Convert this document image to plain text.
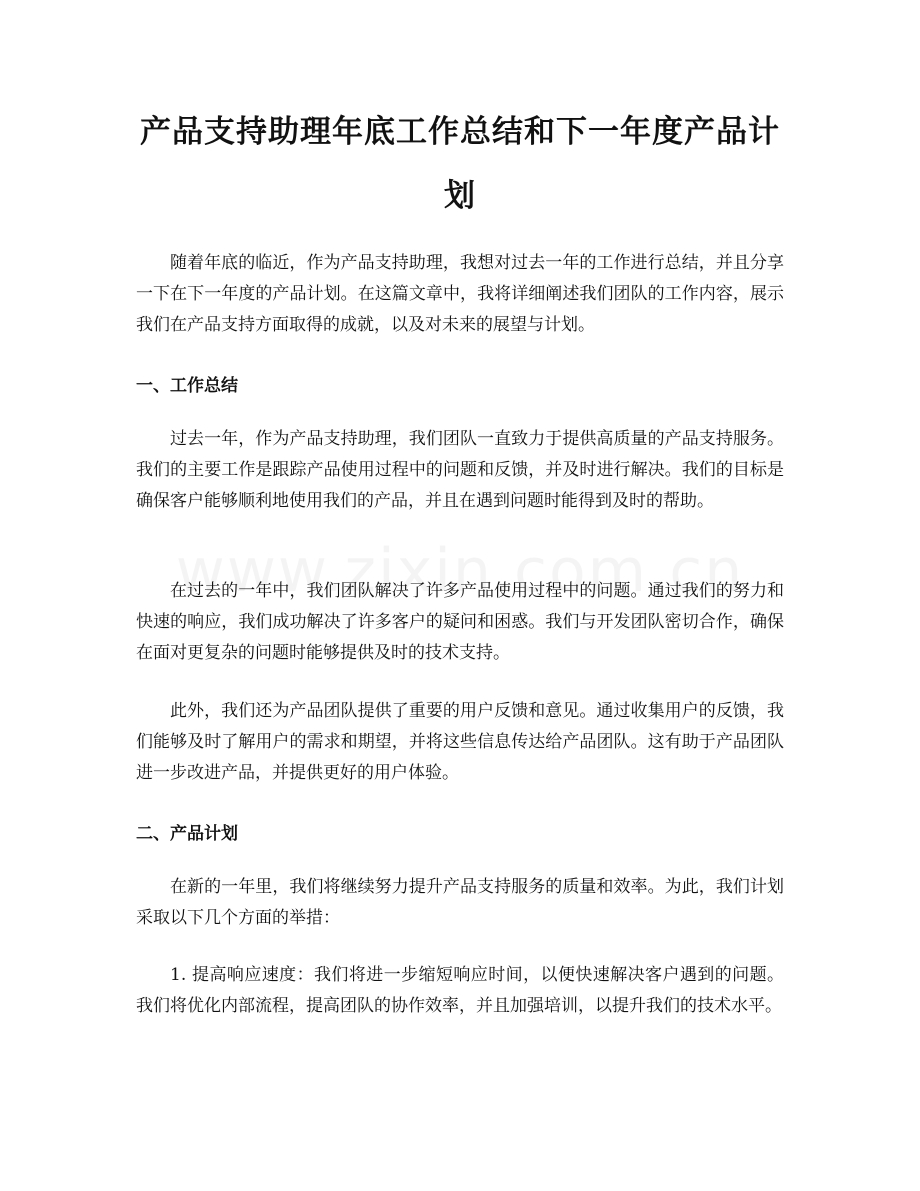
产品支持助理年底工作总结和下一年度产品计划

随着年底的临近，作为产品支持助理，我想对过去一年的工作进行总结，并且分享一下在下一年度的产品计划。在这篇文章中，我将详细阐述我们团队的工作内容，展示我们在产品支持方面取得的成就，以及对未来的展望与计划。

一、工作总结

过去一年，作为产品支持助理，我们团队一直致力于提供高质量的产品支持服务。我们的主要工作是跟踪产品使用过程中的问题和反馈，并及时进行解决。我们的目标是确保客户能够顺利地使用我们的产品，并且在遇到问题时能得到及时的帮助。

在过去的一年中，我们团队解决了许多产品使用过程中的问题。通过我们的努力和快速的响应，我们成功解决了许多客户的疑问和困惑。我们与开发团队密切合作，确保在面对更复杂的问题时能够提供及时的技术支持。

此外，我们还为产品团队提供了重要的用户反馈和意见。通过收集用户的反馈，我们能够及时了解用户的需求和期望，并将这些信息传达给产品团队。这有助于产品团队进一步改进产品，并提供更好的用户体验。

二、产品计划

在新的一年里，我们将继续努力提升产品支持服务的质量和效率。为此，我们计划采取以下几个方面的举措：

1. 提高响应速度：我们将进一步缩短响应时间，以便快速解决客户遇到的问题。我们将优化内部流程，提高团队的协作效率，并且加强培训，以提升我们的技术水平。
